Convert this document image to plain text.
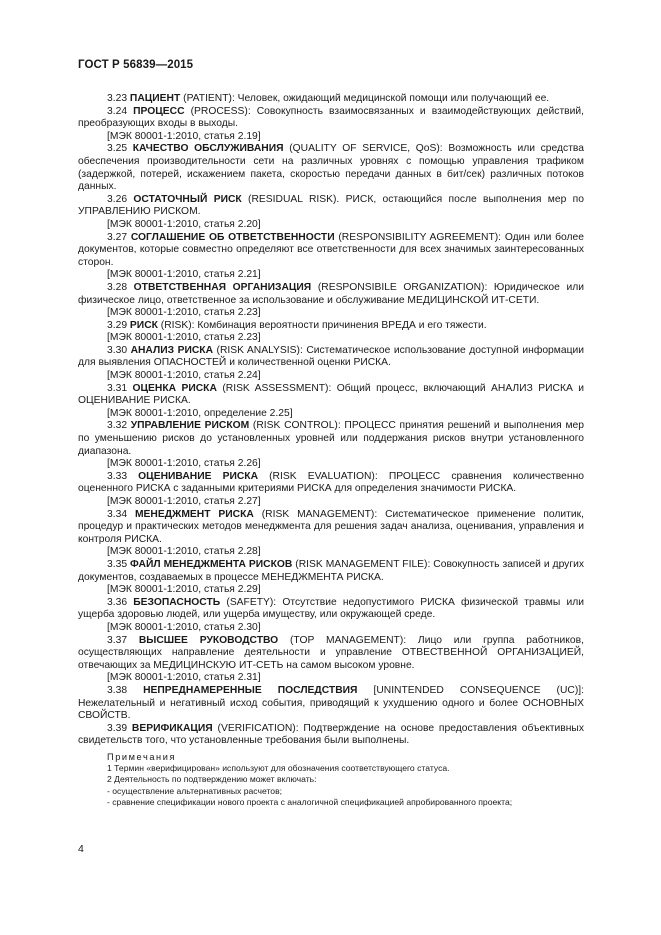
ГОСТ Р 56839—2015

3.23 ПАЦИЕНТ (PATIENT): Человек, ожидающий медицинской помощи или получающий ее.

3.24 ПРОЦЕСС (PROCESS): Совокупность взаимосвязанных и взаимодействующих действий, преобразующих входы в выходы.

[МЭК 80001-1:2010, статья 2.19]

3.25 КАЧЕСТВО ОБСЛУЖИВАНИЯ (QUALITY OF SERVICE, QoS): Возможность или средства обеспечения производительности сети на различных уровнях с помощью управления трафиком (задержкой, потерей, искажением пакета, скоростью передачи данных в бит/сек) различных потоков данных.

3.26 ОСТАТОЧНЫЙ РИСК (RESIDUAL RISK). РИСК, остающийся после выполнения мер по УПРАВЛЕНИЮ РИСКОМ.

[МЭК 80001-1:2010, статья 2.20]

3.27 СОГЛАШЕНИЕ ОБ ОТВЕТСТВЕННОСТИ (RESPONSIBILITY AGREEMENT): Один или более документов, которые совместно определяют все ответственности для всех значимых заинтересованных сторон.

[МЭК 80001-1:2010, статья 2.21]

3.28 ОТВЕТСТВЕННАЯ ОРГАНИЗАЦИЯ (RESPONSIBILE ORGANIZATION): Юридическое или физическое лицо, ответственное за использование и обслуживание МЕДИЦИНСКОЙ ИТ-СЕТИ.

[МЭК 80001-1:2010, статья 2.23]

3.29 РИСК (RISK): Комбинация вероятности причинения ВРЕДА и его тяжести.

[МЭК 80001-1:2010, статья 2.23]

3.30 АНАЛИЗ РИСКА (RISK ANALYSIS): Систематическое использование доступной информации для выявления ОПАСНОСТЕЙ и количественной оценки РИСКА.

[МЭК 80001-1:2010, статья 2.24]

3.31 ОЦЕНКА РИСКА (RISK ASSESSMENT): Общий процесс, включающий АНАЛИЗ РИСКА и ОЦЕНИВАНИЕ РИСКА.

[МЭК 80001-1:2010, определение 2.25]

3.32 УПРАВЛЕНИЕ РИСКОМ (RISK CONTROL): ПРОЦЕСС принятия решений и выполнения мер по уменьшению рисков до установленных уровней или поддержания рисков внутри установленного диапазона.

[МЭК 80001-1:2010, статья 2.26]

3.33 ОЦЕНИВАНИЕ РИСКА (RISK EVALUATION): ПРОЦЕСС сравнения количественно оцененного РИСКА с заданными критериями РИСКА для определения значимости РИСКА.

[МЭК 80001-1:2010, статья 2.27]

3.34 МЕНЕДЖМЕНТ РИСКА (RISK MANAGEMENT): Систематическое применение политик, процедур и практических методов менеджмента для решения задач анализа, оценивания, управления и контроля РИСКА.

[МЭК 80001-1:2010, статья 2.28]

3.35 ФАЙЛ МЕНЕДЖМЕНТА РИСКОВ (RISK MANAGEMENT FILE): Совокупность записей и других документов, создаваемых в процессе МЕНЕДЖМЕНТА РИСКА.

[МЭК 80001-1:2010, статья 2.29]

3.36 БЕЗОПАСНОСТЬ (SAFETY): Отсутствие недопустимого РИСКА физической травмы или ущерба здоровью людей, или ущерба имуществу, или окружающей среде.

[МЭК 80001-1:2010, статья 2.30]

3.37 ВЫСШЕЕ РУКОВОДСТВО (TOP MANAGEMENT): Лицо или группа работников, осуществляющих направление деятельности и управление ОТВЕСТВЕННОЙ ОРГАНИЗАЦИЕЙ, отвечающих за МЕДИЦИНСКУЮ ИТ-СЕТЬ на самом высоком уровне.

[МЭК 80001-1:2010, статья 2.31]

3.38 НЕПРЕДНАМЕРЕННЫЕ ПОСЛЕДСТВИЯ [UNINTENDED CONSEQUENCE (UC)]: Нежелательный и негативный исход события, приводящий к ухудшению одного и более ОСНОВНЫХ СВОЙСТВ.

3.39 ВЕРИФИКАЦИЯ (VERIFICATION): Подтверждение на основе предоставления объективных свидетельств того, что установленные требования были выполнены.

Примечания
1 Термин «верифицирован» используют для обозначения соответствующего статуса.
2 Деятельность по подтверждению может включать:
- осуществление альтернативных расчетов;
- сравнение спецификации нового проекта с аналогичной спецификацией апробированного проекта;
4
